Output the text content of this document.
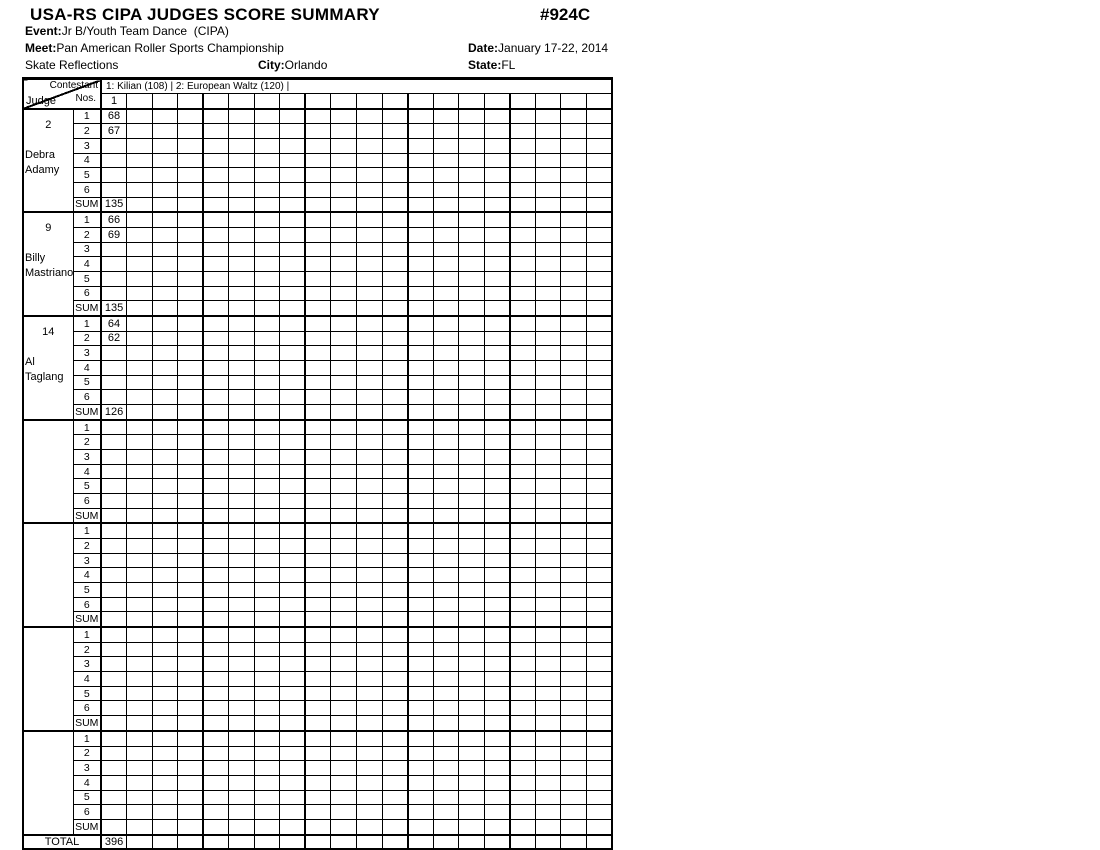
USA-RS CIPA JUDGES SCORE SUMMARY	#924C
Event:Jr B/Youth Team Dance  (CIPA)
Meet:Pan American Roller Sports Championship	Date:January 17-22, 2014
Skate Reflections	City:Orlando	State:FL
Contestant
Nos.
Judge		1: Kilian (108) | 2: European Waltz (120) |																			
		1																			

2
Debra
Adamy	1	68																			
	2	67																			
	3																				
	4																				
	5																				
	6																				
	SUM	135																			

9
Billy
Mastriano	1	66																			
	2	69																			
	3																				
	4																				
	5																				
	6																				
	SUM	135																			

14
Al
Taglang	1	64																			
	2	62																			
	3																				
	4																				
	5																				
	6																				
	SUM	126																			

	1																				
	2																				
	3																				
	4																				
	5																				
	6																				
	SUM																				

	1																				
	2																				
	3																				
	4																				
	5																				
	6																				
	SUM																				

	1																				
	2																				
	3																				
	4																				
	5																				
	6																				
	SUM																				

	1																				
	2																				
	3																				
	4																				
	5																				
	6																				
	SUM																				
TOTAL		396																			
